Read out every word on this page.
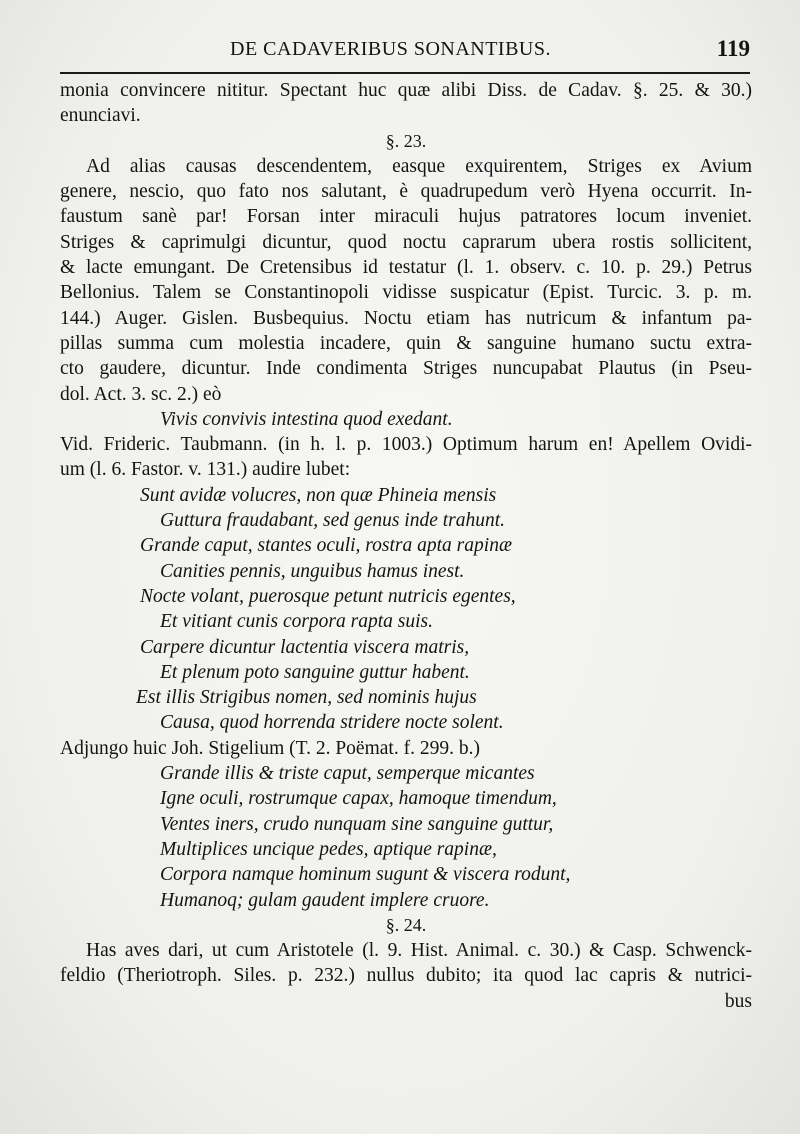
DE CADAVERIBUS SONANTIBUS.	119
monia convincere nititur. Spectant huc quæ alibi Diss. de Cadav. §. 25. & 30.)
enunciavi.
§. 23.
Ad alias causas descendentem, easque exquirentem, Striges ex Avium
genere, nescio, quo fato nos salutant, è quadrupedum verò Hyena occurrit. In-
faustum sanè par! Forsan inter miraculi hujus patratores locum inveniet.
Striges & caprimulgi dicuntur, quod noctu caprarum ubera rostis sollicitent,
& lacte emungant. De Cretensibus id testatur (l. 1. observ. c. 10. p. 29.) Petrus
Bellonius. Talem se Constantinopoli vidisse suspicatur (Epist. Turcic. 3. p. m.
144.) Auger. Gislen. Busbequius. Noctu etiam has nutricum & infantum pa-
pillas summa cum molestia incadere, quin & sanguine humano suctu extra-
cto gaudere, dicuntur. Inde condimenta Striges nuncupabat Plautus (in Pseu-
dol. Act. 3. sc. 2.) eò
Vivis convivis intestina quod exedant.
Vid. Frideric. Taubmann. (in h. l. p. 1003.) Optimum harum en! Apellem Ovidi-
um (l. 6. Fastor. v. 131.) audire lubet:
Sunt avidæ volucres, non quæ Phineia mensis
Guttura fraudabant, sed genus inde trahunt.
Grande caput, stantes oculi, rostra apta rapinæ
Canities pennis, unguibus hamus inest.
Nocte volant, puerosque petunt nutricis egentes,
Et vitiant cunis corpora rapta suis.
Carpere dicuntur lactentia viscera matris,
Et plenum poto sanguine guttur habent.
Est illis Strigibus nomen, sed nominis hujus
Causa, quod horrenda stridere nocte solent.
Adjungo huic Joh. Stigelium (T. 2. Poëmat. f. 299. b.)
Grande illis & triste caput, semperque micantes
Igne oculi, rostrumque capax, hamoque timendum,
Ventes iners, crudo nunquam sine sanguine guttur,
Multiplices uncique pedes, aptique rapinæ,
Corpora namque hominum sugunt & viscera rodunt,
Humanoq; gulam gaudent implere cruore.
§. 24.
Has aves dari, ut cum Aristotele (l. 9. Hist. Animal. c. 30.) & Casp. Schwenck-
feldio (Theriotroph. Siles. p. 232.) nullus dubito; ita quod lac capris & nutrici-
bus
